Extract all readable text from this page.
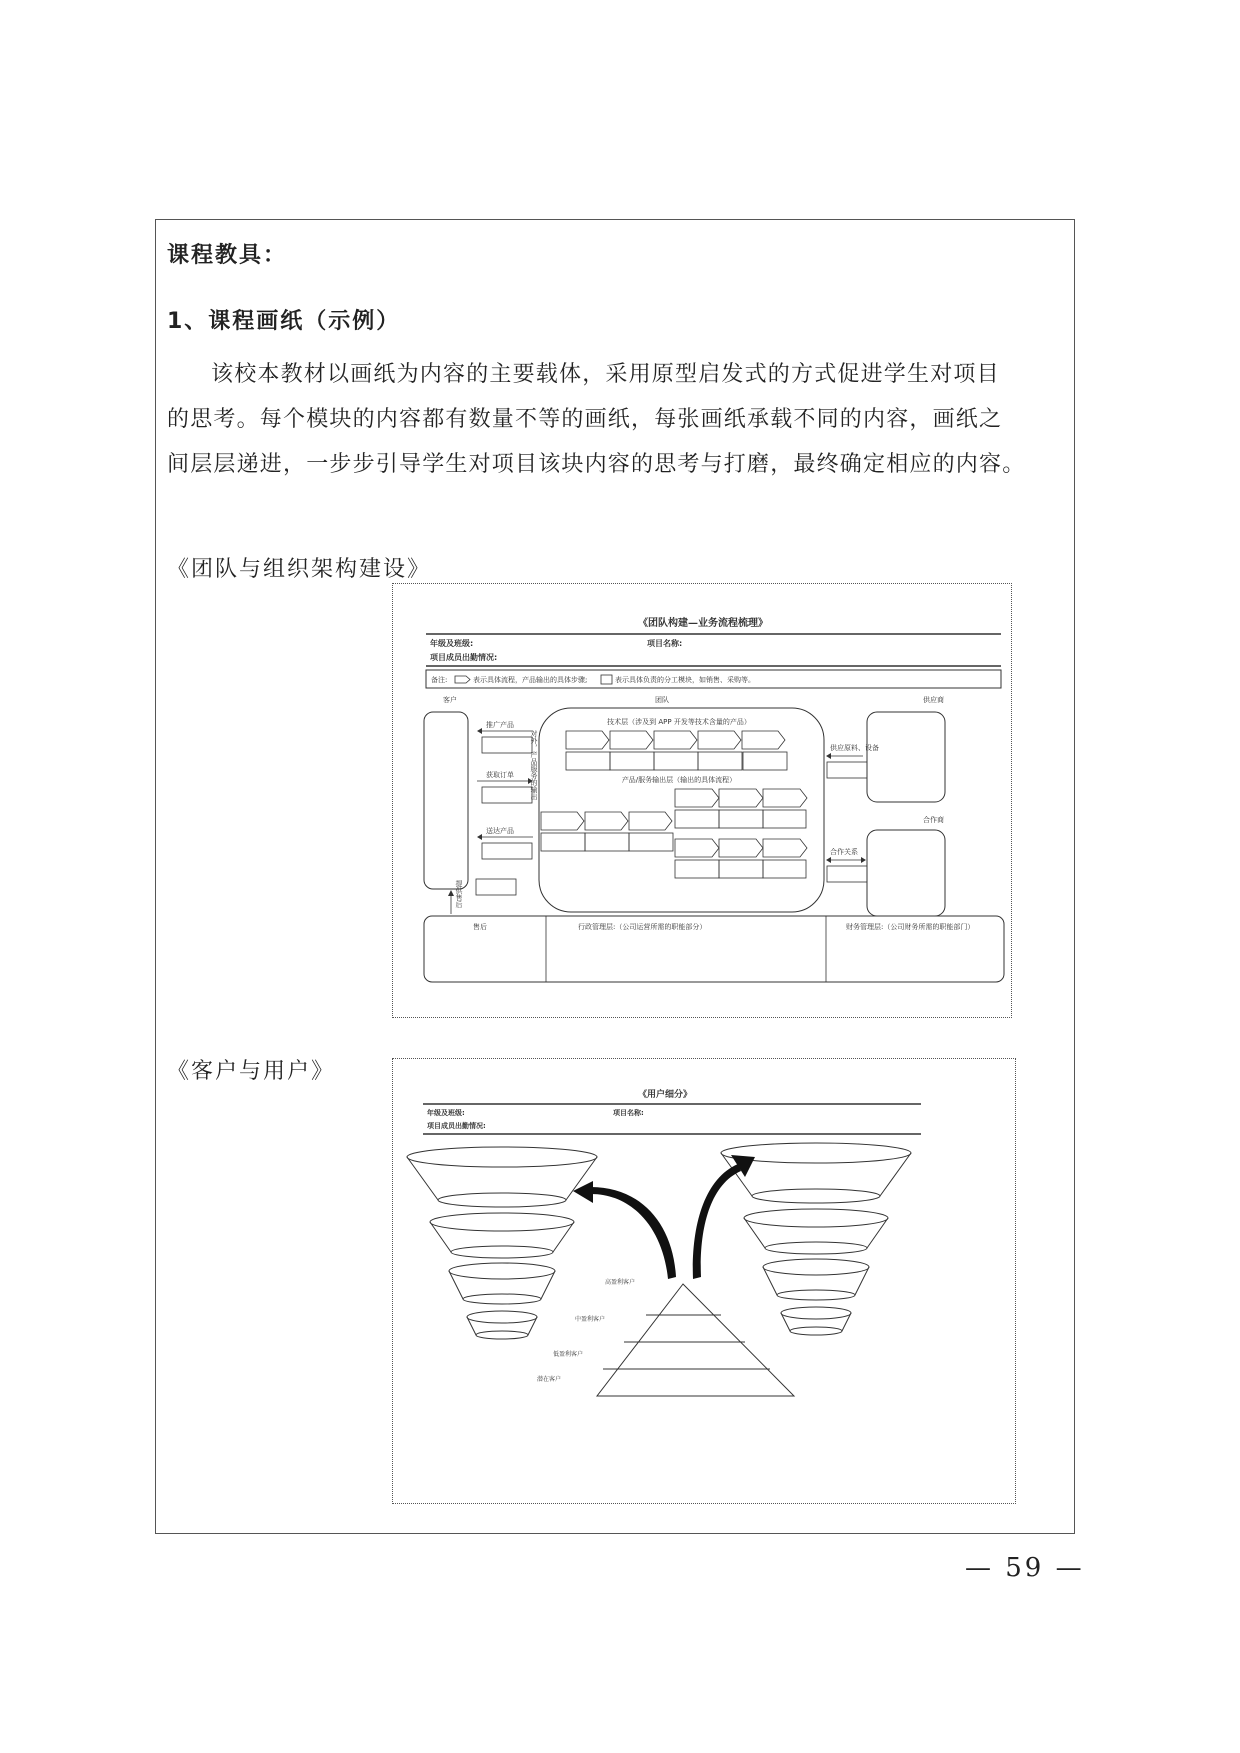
课程教具：
1、课程画纸（示例）

该校本教材以画纸为内容的主要载体，采用原型启发式的方式促进学生对项目

的思考。每个模块的内容都有数量不等的画纸，每张画纸承载不同的内容，画纸之

间层层递进，一步步引导学生对项目该块内容的思考与打磨，最终确定相应的内容。

《团队与组织架构建设》
《团队构建—业务流程梳理》
年级及班级:	项目名称:
项目成员出勤情况:
备注:	表示具体流程，产品输出的具体步骤;	表示具体负责的分工模块，如销售、采购等。
客户	团队	供应商
合作商
推广产品
获取订单
送达产品
提供售后
对外，产品服务的输出
技术层（涉及到 APP 开发等技术含量的产品）
产品/服务输出层（输出的具体流程）
供应原料、设备
合作关系
售后	行政管理层:（公司运营所需的职能部分）	财务管理层:（公司财务所需的职能部门）
《客户与用户》
《用户细分》
年级及班级:	项目名称:
项目成员出勤情况:
高盈利客户
中盈利客户
低盈利客户
潜在客户
— 59 —
